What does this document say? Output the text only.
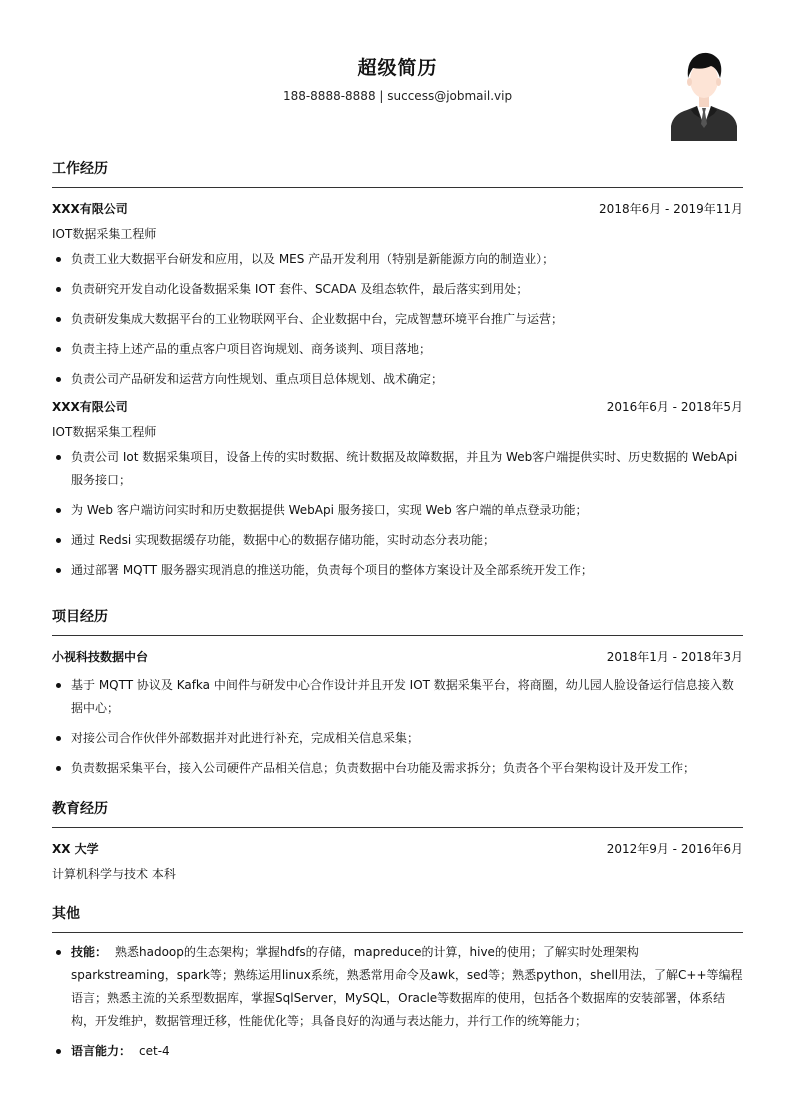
超级简历
188-8888-8888 | success@jobmail.vip
工作经历
XXX有限公司	2018年6月 - 2019年11月
IOT数据采集工程师
负责工业大数据平台研发和应用，以及 MES 产品开发利用（特别是新能源方向的制造业）；
负责研究开发自动化设备数据采集 IOT 套件、SCADA 及组态软件，最后落实到用处；
负责研发集成大数据平台的工业物联网平台、企业数据中台，完成智慧环境平台推广与运营；
负责主持上述产品的重点客户项目咨询规划、商务谈判、项目落地；
负责公司产品研发和运营方向性规划、重点项目总体规划、战术确定；
XXX有限公司	2016年6月 - 2018年5月
IOT数据采集工程师
负责公司 Iot 数据采集项目，设备上传的实时数据、统计数据及故障数据，并且为 Web客户端提供实时、历史数据的 WebApi 服务接口；
为 Web 客户端访问实时和历史数据提供 WebApi 服务接口，实现 Web 客户端的单点登录功能；
通过 Redsi 实现数据缓存功能，数据中心的数据存储功能，实时动态分表功能；
通过部署 MQTT 服务器实现消息的推送功能，负责每个项目的整体方案设计及全部系统开发工作；
项目经历
小视科技数据中台	2018年1月 - 2018年3月
基于 MQTT 协议及 Kafka 中间件与研发中心合作设计并且开发 IOT 数据采集平台，将商圈，幼儿园人脸设备运行信息接入数据中心；
对接公司合作伙伴外部数据并对此进行补充，完成相关信息采集；
负责数据采集平台，接入公司硬件产品相关信息；负责数据中台功能及需求拆分；负责各个平台架构设计及开发工作；
教育经历
XX 大学	2012年9月 - 2016年6月
计算机科学与技术 本科
其他
技能： 熟悉hadoop的生态架构；掌握hdfs的存储，mapreduce的计算，hive的使用；了解实时处理架构sparkstreaming，spark等；熟练运用linux系统，熟悉常用命令及awk，sed等；熟悉python，shell用法，了解C++等编程语言；熟悉主流的关系型数据库，掌握SqlServer，MySQL，Oracle等数据库的使用，包括各个数据库的安装部署，体系结构，开发维护，数据管理迁移，性能优化等；具备良好的沟通与表达能力，并行工作的统筹能力；
语言能力： cet-4
